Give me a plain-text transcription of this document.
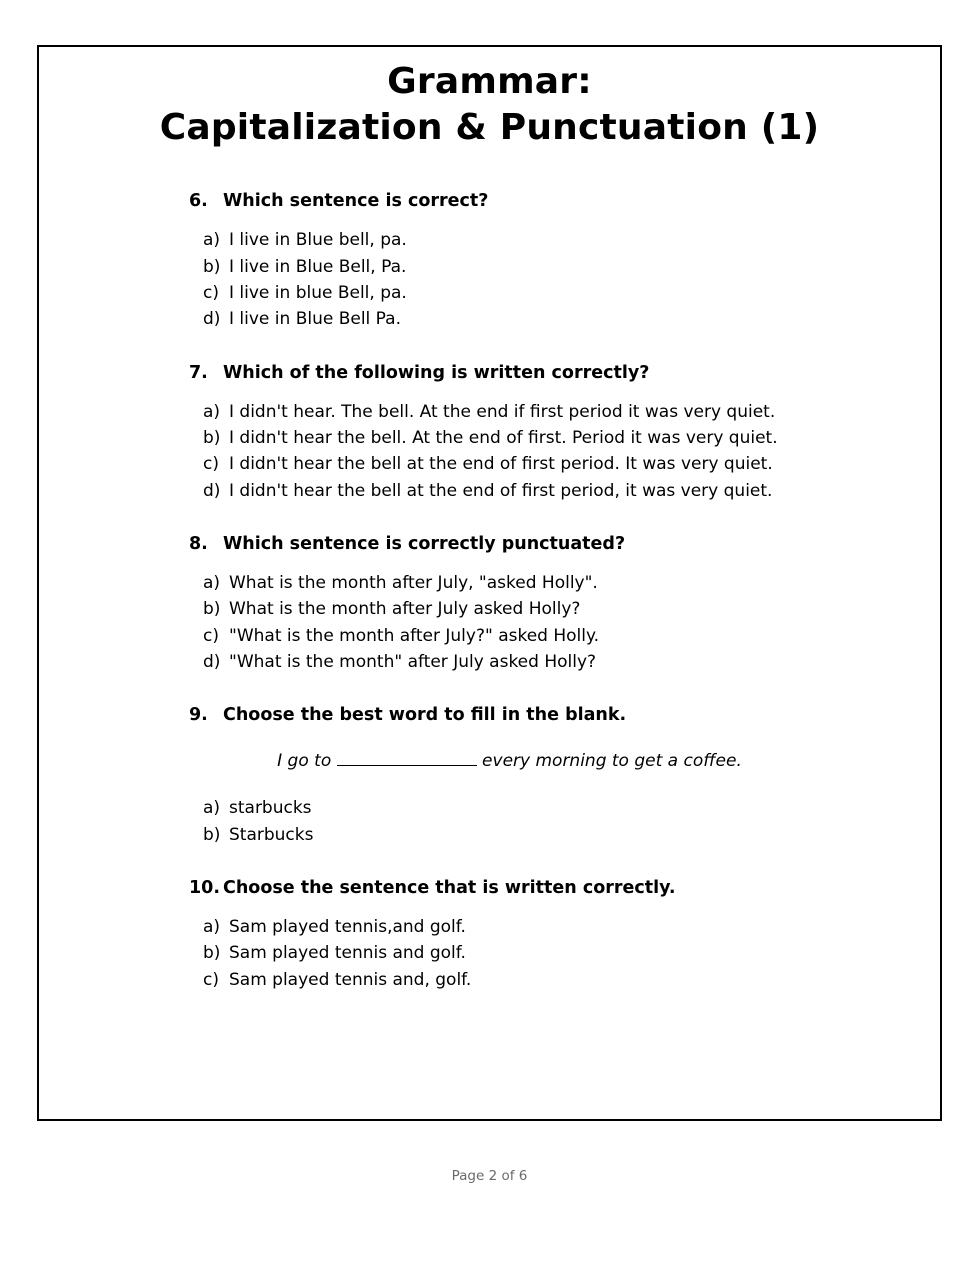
Grammar:
Capitalization & Punctuation (1)
6. Which sentence is correct?
a) I live in Blue bell, pa.
b) I live in Blue Bell, Pa.
c) I live in blue Bell, pa.
d) I live in Blue Bell Pa.
7. Which of the following is written correctly?
a) I didn't hear. The bell. At the end if first period it was very quiet.
b) I didn't hear the bell. At the end of first. Period it was very quiet.
c) I didn't hear the bell at the end of first period. It was very quiet.
d) I didn't hear the bell at the end of first period, it was very quiet.
8. Which sentence is correctly punctuated?
a) What is the month after July, "asked Holly".
b) What is the month after July asked Holly?
c) "What is the month after July?" asked Holly.
d) "What is the month" after July asked Holly?
9. Choose the best word to fill in the blank.
I go to	every morning to get a coffee.
a) starbucks
b) Starbucks
10. Choose the sentence that is written correctly.
a) Sam played tennis,and golf.
b) Sam played tennis and golf.
c) Sam played tennis and, golf.
Page 2 of 6
